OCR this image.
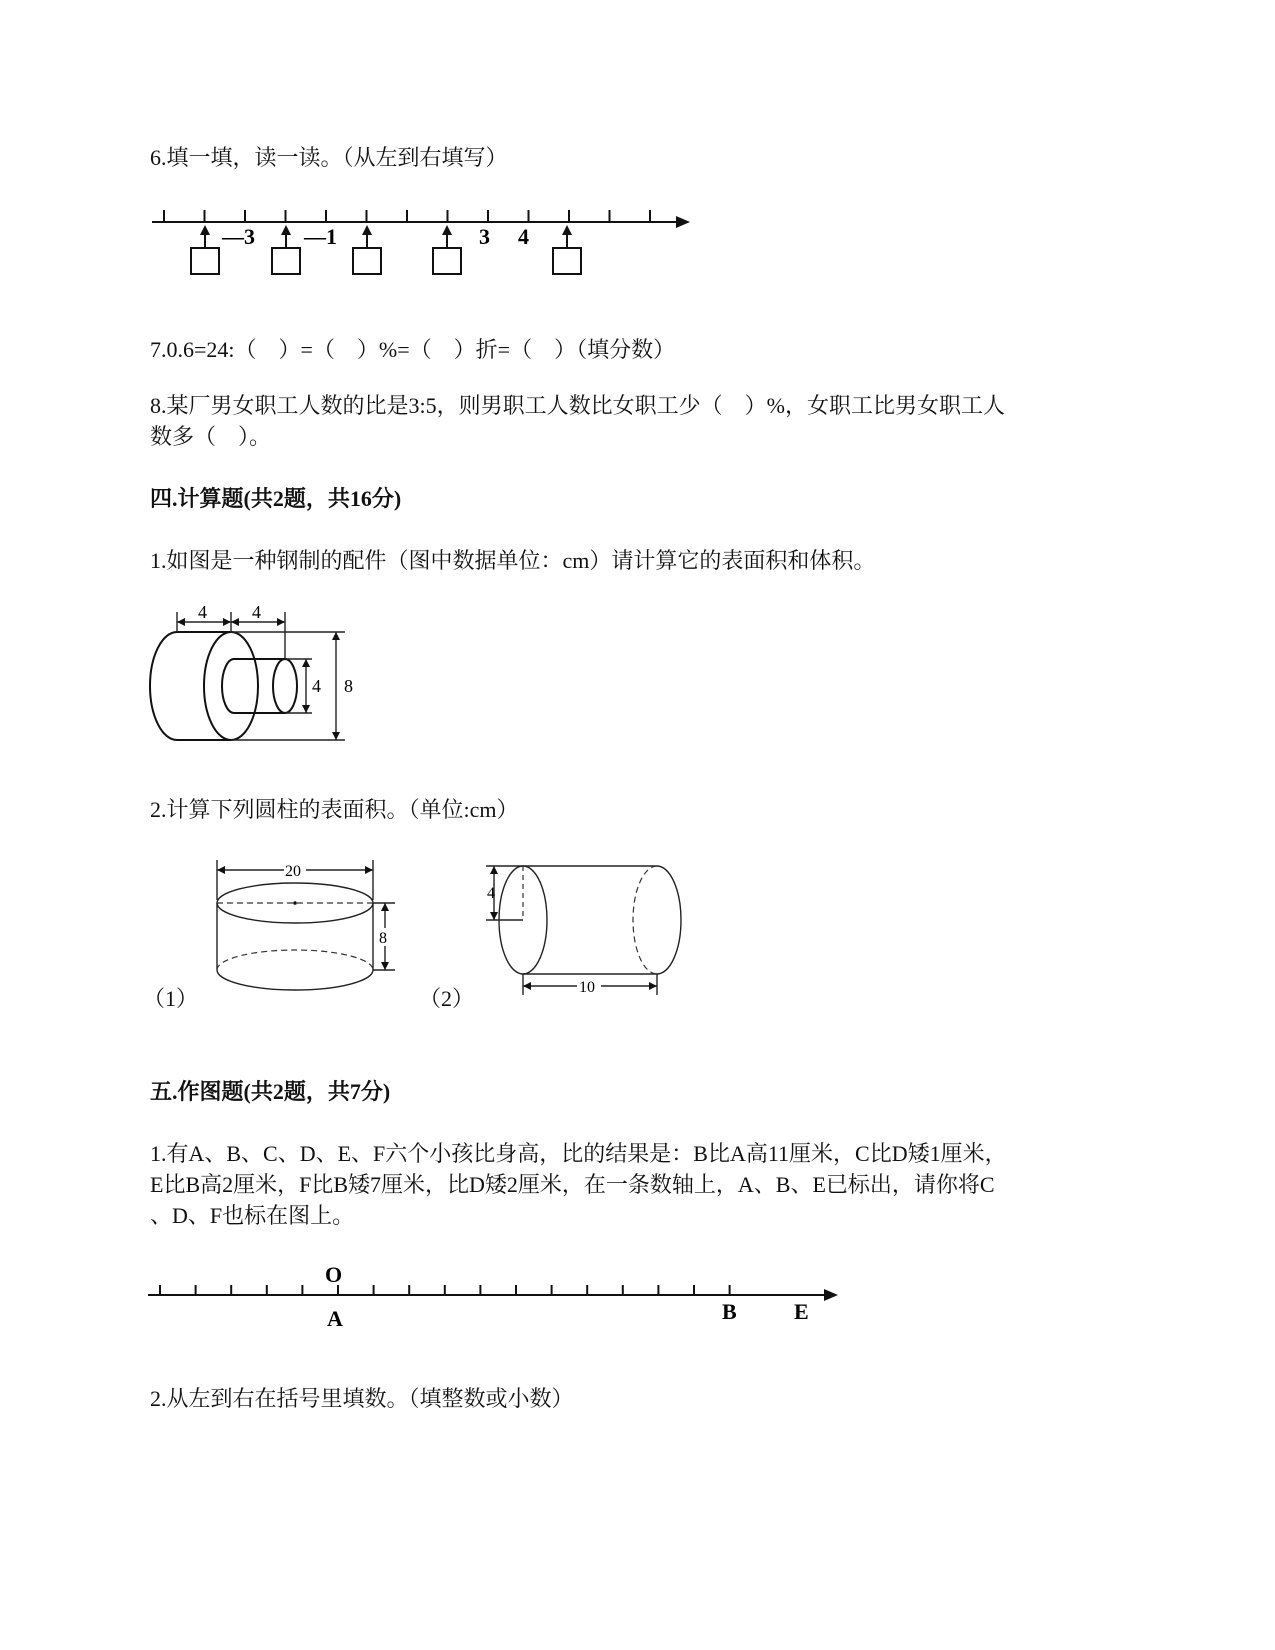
6.填一填，读一读。（从左到右填写）
—3 —1	3 4
7.0.6=24:（　）=（　）%=（　）折=（　）（填分数）
8.某厂男女职工人数的比是3:5，则男职工人数比女职工少（　）%，女职工比男女职工人
数多（　）。
四.计算题(共2题，共16分)
1.如图是一种钢制的配件（图中数据单位：cm）请计算它的表面积和体积。
4	4
4 8
2.计算下列圆柱的表面积。（单位:cm）
20
8
4
10
（1）	（2）
五.作图题(共2题，共7分)
1.有A、B、C、D、E、F六个小孩比身高，比的结果是：B比A高11厘米，C比D矮1厘米，
E比B高2厘米，F比B矮7厘米，比D矮2厘米，在一条数轴上，A、B、E已标出，请你将C
、D、F也标在图上。
O
A	B	E
2.从左到右在括号里填数。（填整数或小数）
